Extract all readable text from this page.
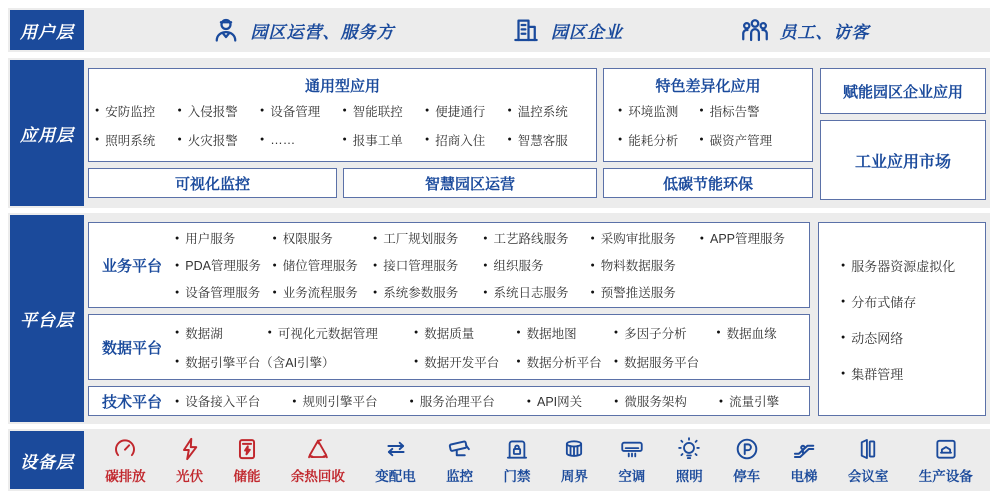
用户层	园区运营、服务方	园区企业	员工、访客
应用层
通用型应用
● 安防监控	● 入侵报警	● 设备管理	● 智能联控	● 便捷通行	● 温控系统
● 照明系统	● 火灾报警	● ……	● 报事工单	● 招商入住	● 智慧客服
特色差异化应用
● 环境监测	● 指标告警
● 能耗分析	● 碳资产管理
赋能园区企业应用
工业应用市场
可视化监控	智慧园区运营	低碳节能环保
平台层
业务平台
● 用户服务	● 权限服务	● 工厂规划服务	● 工艺路线服务	● 采购审批服务	● APP管理服务
● PDA管理服务	● 储位管理服务	● 接口管理服务	● 组织服务	● 物料数据服务
● 设备管理服务	● 业务流程服务	● 系统参数服务	● 系统日志服务	● 预警推送服务
数据平台
● 数据湖	● 可视化元数据管理	● 数据质量	● 数据地图	● 多因子分析	● 数据血缘
● 数据引擎平台（含AI引擎）	● 数据开发平台	● 数据分析平台	● 数据服务平台
技术平台	● 设备接入平台	● 规则引擎平台	● 服务治理平台	● API网关	● 微服务架构	● 流量引擎
● 服务器资源虚拟化
● 分布式储存
● 动态网络
● 集群管理
设备层
碳排放 光伏 储能 余热回收 变配电 监控 门禁 周界 空调 照明 停车 电梯 会议室 生产设备
